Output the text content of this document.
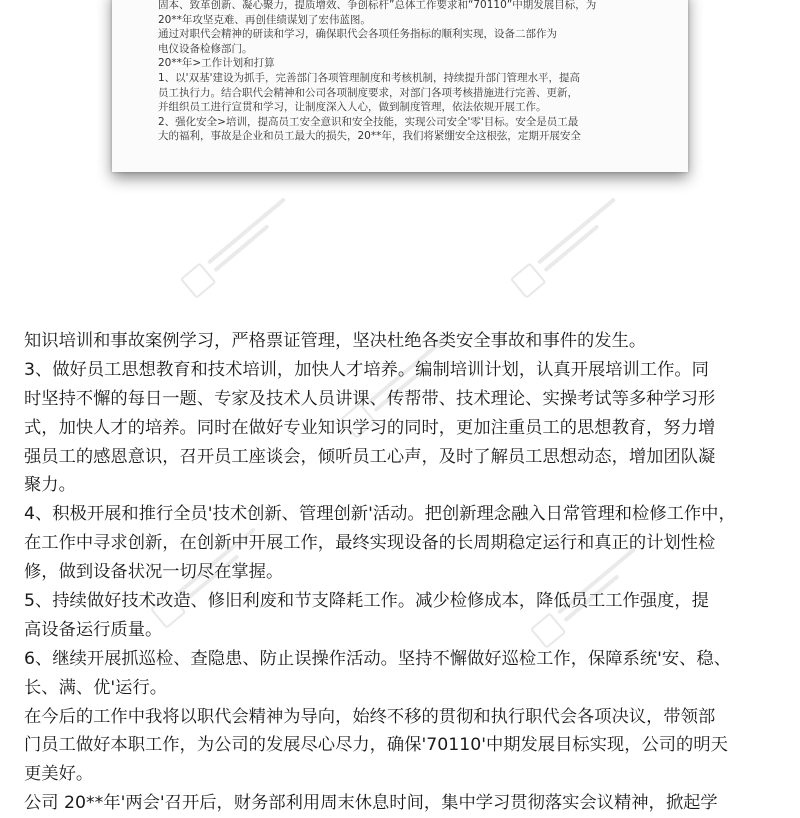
固本、致革创新、凝心聚力，提质增效、争创标杆”总体工作要求和“70110”中期发展目标，为
20**年攻坚克难、再创佳绩谋划了宏伟蓝图。
通过对职代会精神的研读和学习，确保职代会各项任务指标的顺利实现，设备二部作为
电仪设备检修部门。
20**年>工作计划和打算
1、以'双基'建设为抓手，完善部门各项管理制度和考核机制，持续提升部门管理水平，提高
员工执行力。结合职代会精神和公司各项制度要求，对部门各项考核措施进行完善、更新，
并组织员工进行宣贯和学习，让制度深入人心，做到制度管理，依法依规开展工作。
2、强化安全>培训，提高员工安全意识和安全技能，实现公司安全'零'目标。安全是员工最
大的福利，事故是企业和员工最大的损失，20**年，我们将紧绷安全这根弦，定期开展安全
知识培训和事故案例学习，严格票证管理，坚决杜绝各类安全事故和事件的发生。
3、做好员工思想教育和技术培训，加快人才培养。编制培训计划，认真开展培训工作。同
时坚持不懈的每日一题、专家及技术人员讲课、传帮带、技术理论、实操考试等多种学习形
式，加快人才的培养。同时在做好专业知识学习的同时，更加注重员工的思想教育，努力增
强员工的感恩意识，召开员工座谈会，倾听员工心声，及时了解员工思想动态，增加团队凝
聚力。
4、积极开展和推行全员'技术创新、管理创新'活动。把创新理念融入日常管理和检修工作中，
在工作中寻求创新，在创新中开展工作，最终实现设备的长周期稳定运行和真正的计划性检
修，做到设备状况一切尽在掌握。
5、持续做好技术改造、修旧利废和节支降耗工作。减少检修成本，降低员工工作强度，提
高设备运行质量。
6、继续开展抓巡检、查隐患、防止误操作活动。坚持不懈做好巡检工作，保障系统'安、稳、
长、满、优'运行。
在今后的工作中我将以职代会精神为导向，始终不移的贯彻和执行职代会各项决议，带领部
门员工做好本职工作，为公司的发展尽心尽力，确保'70110'中期发展目标实现，公司的明天
更美好。
公司 20**年'两会'召开后，财务部利用周末休息时间，集中学习贯彻落实会议精神，掀起学
